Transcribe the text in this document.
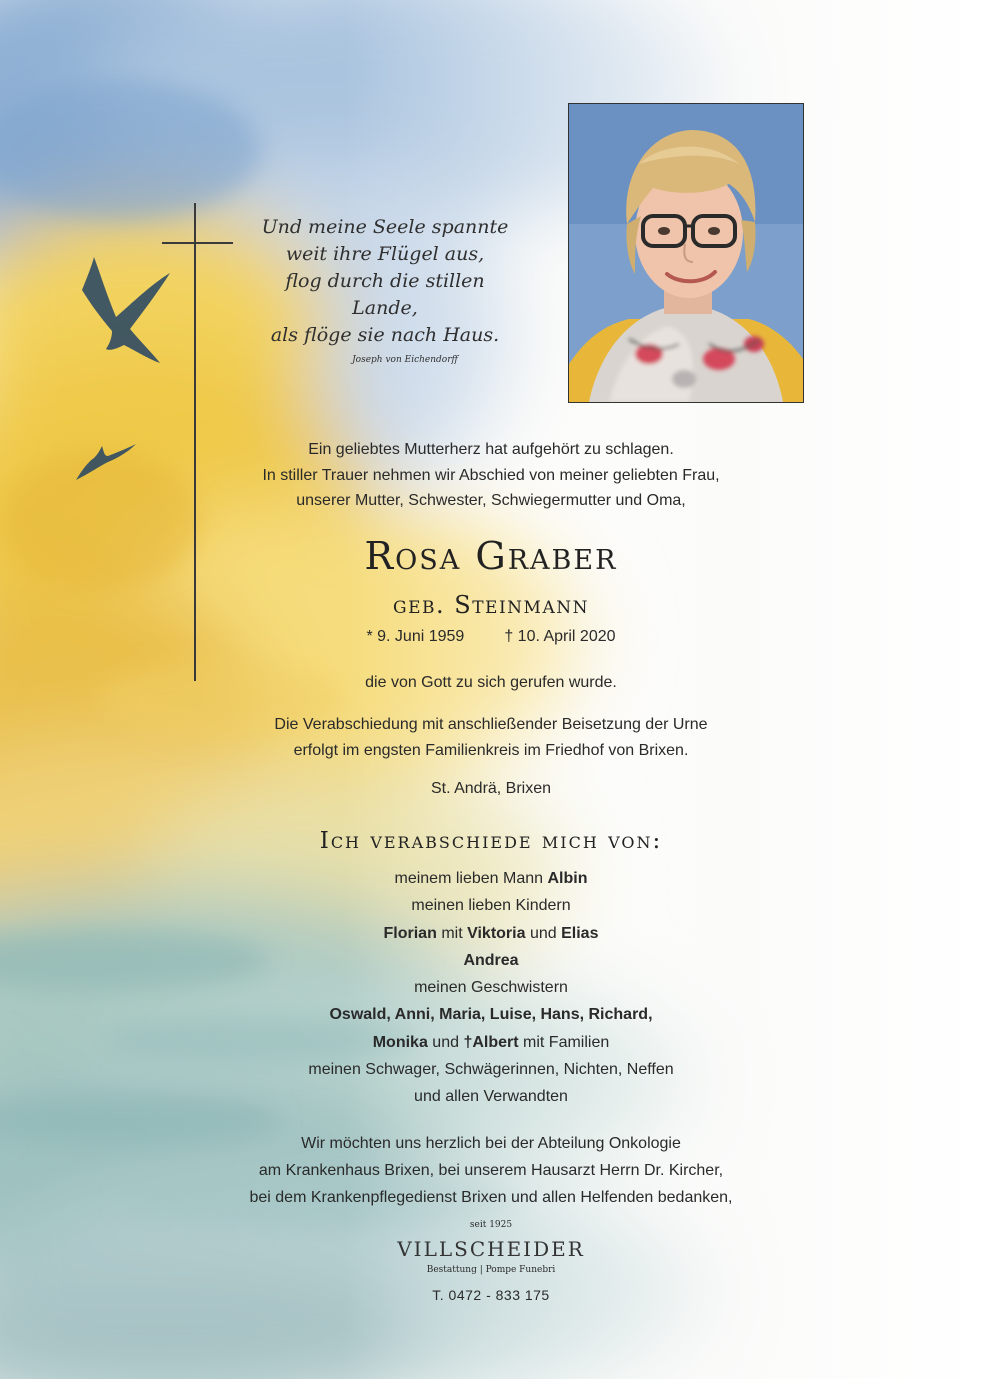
Und meine Seele spannte
weit ihre Flügel aus,
flog durch die stillen Lande,
als flöge sie nach Haus.
Joseph von Eichendorff
Ein geliebtes Mutterherz hat aufgehört zu schlagen.
In stiller Trauer nehmen wir Abschied von meiner geliebten Frau,
unserer Mutter, Schwester, Schwiegermutter und Oma,
Rosa Graber
geb. Steinmann
* 9. Juni 1959	† 10. April 2020
die von Gott zu sich gerufen wurde.
Die Verabschiedung mit anschließender Beisetzung der Urne
erfolgt im engsten Familienkreis im Friedhof von Brixen.
St. Andrä, Brixen
Ich verabschiede mich von:
meinem lieben Mann Albin
meinen lieben Kindern
Florian mit Viktoria und Elias
Andrea
meinen Geschwistern
Oswald, Anni, Maria, Luise, Hans, Richard,
Monika und †Albert mit Familien
meinen Schwager, Schwägerinnen, Nichten, Neffen
und allen Verwandten
Wir möchten uns herzlich bei der Abteilung Onkologie
am Krankenhaus Brixen, bei unserem Hausarzt Herrn Dr. Kircher,
bei dem Krankenpflegedienst Brixen und allen Helfenden bedanken,
seit 1925
VILLSCHEIDER
Bestattung | Pompe Funebri
T. 0472 - 833 175
